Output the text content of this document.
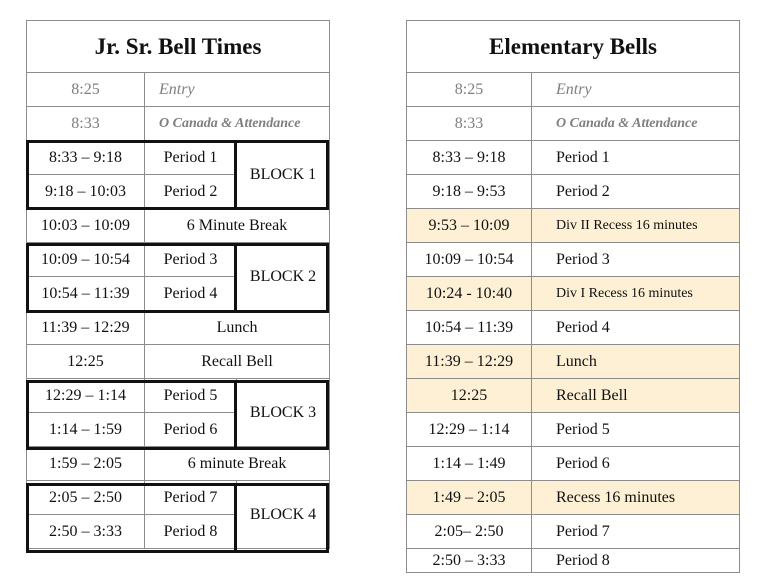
Jr. Sr. Bell Times		
8:25	Entry	
8:33	O Canada & Attendance	
8:33 – 9:18	Period 1	BLOCK 1
9:18 – 10:03	Period 2	
10:03 – 10:09	6 Minute Break	
10:09 – 10:54	Period 3	BLOCK 2
10:54 – 11:39	Period 4	
11:39 – 12:29	Lunch	
12:25	Recall Bell	
12:29 – 1:14	Period 5	BLOCK 3
1:14 – 1:59	Period 6	
1:59 – 2:05	6 minute Break	
2:05 – 2:50	Period 7	BLOCK 4
2:50 – 3:33	Period 8	
Elementary Bells	
8:25	Entry
8:33	O Canada & Attendance
8:33 – 9:18	Period 1
9:18 – 9:53	Period 2
9:53 – 10:09	Div II Recess 16 minutes
10:09 – 10:54	Period 3
10:24 - 10:40	Div I Recess 16 minutes
10:54 – 11:39	Period 4
11:39 – 12:29	Lunch
12:25	Recall Bell
12:29 – 1:14	Period 5
1:14 – 1:49	Period 6
1:49 – 2:05	Recess 16 minutes
2:05– 2:50	Period 7
2:50 – 3:33	Period 8
